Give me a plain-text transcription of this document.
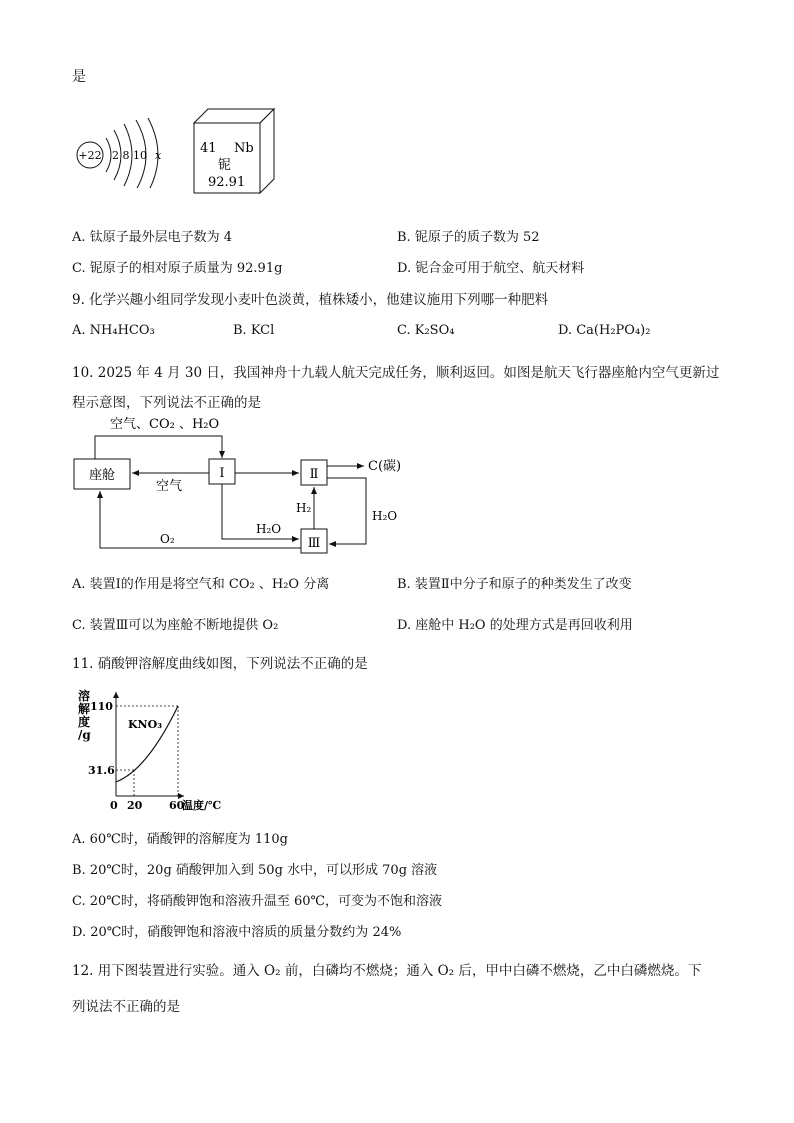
是
+22 2 8 10 x	41 Nb
铌
92.91
A. 钛原子最外层电子数为 4	B. 铌原子的质子数为 52
C. 铌原子的相对原子质量为 92.91g	D. 铌合金可用于航空、航天材料
9. 化学兴趣小组同学发现小麦叶色淡黄，植株矮小，他建议施用下列哪一种肥料
A. NH₄HCO₃	B. KCl	C. K₂SO₄	D. Ca(H₂PO₄)₂
10. 2025 年 4 月 30 日，我国神舟十九载人航天完成任务，顺利返回。如图是航天飞行器座舱内空气更新过
程示意图，下列说法不正确的是
空气、CO₂ 、H₂O
座舱	Ⅰ
空气
Ⅱ
C(碳)
Ⅲ
H₂
H₂O
H₂O
O₂
A. 装置Ⅰ的作用是将空气和 CO₂ 、H₂O 分离	B. 装置Ⅱ中分子和原子的种类发生了改变
C. 装置Ⅲ可以为座舱不断地提供 O₂	D. 座舱中 H₂O 的处理方式是再回收利用
11. 硝酸钾溶解度曲线如图，下列说法不正确的是
溶
解
度
/g
KNO₃
110
31.6
0 20 60
温度/℃
A. 60℃时，硝酸钾的溶解度为 110g
B. 20℃时，20g 硝酸钾加入到 50g 水中，可以形成 70g 溶液
C. 20℃时，将硝酸钾饱和溶液升温至 60℃，可变为不饱和溶液
D. 20℃时，硝酸钾饱和溶液中溶质的质量分数约为 24%
12. 用下图装置进行实验。通入 O₂ 前，白磷均不燃烧；通入 O₂ 后，甲中白磷不燃烧，乙中白磷燃烧。下
列说法不正确的是
